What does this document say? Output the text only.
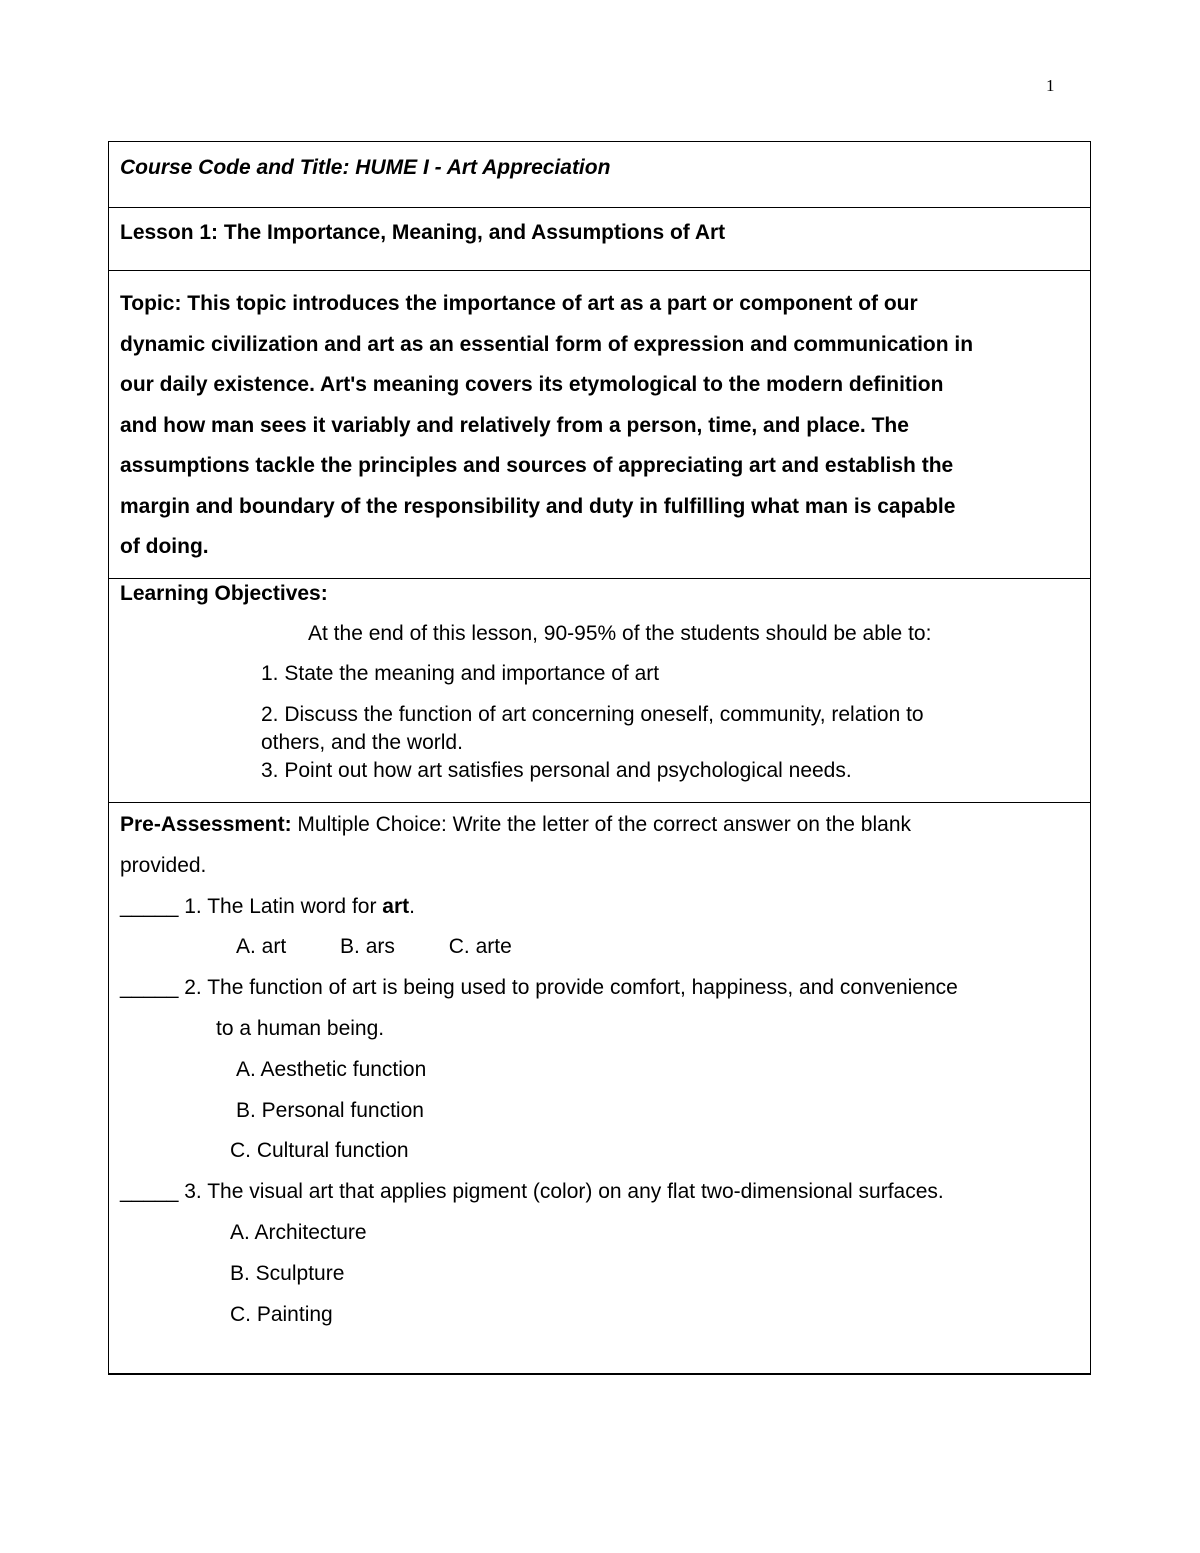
1
Course Code and Title: HUME I - Art Appreciation
Lesson 1: The Importance, Meaning, and Assumptions of Art
Topic: This topic introduces the importance of art as a part or component of our
dynamic civilization and art as an essential form of expression and communication in
our daily existence. Art's meaning covers its etymological to the modern definition
and how man sees it variably and relatively from a person, time, and place. The
assumptions tackle the principles and sources of appreciating art and establish the
margin and boundary of the responsibility and duty in fulfilling what man is capable
of doing.
Learning Objectives:
At the end of this lesson, 90-95% of the students should be able to:
1. State the meaning and importance of art
2. Discuss the function of art concerning oneself, community, relation to
others, and the world.
3. Point out how art satisfies personal and psychological needs.
Pre-Assessment: Multiple Choice: Write the letter of the correct answer on the blank
provided.
_____ 1. The Latin word for art.
A. art	B. ars	C. arte
_____ 2. The function of art is being used to provide comfort, happiness, and convenience
to a human being.
A. Aesthetic function
B. Personal function
C. Cultural function
_____ 3. The visual art that applies pigment (color) on any flat two-dimensional surfaces.
A. Architecture
B. Sculpture
C. Painting
